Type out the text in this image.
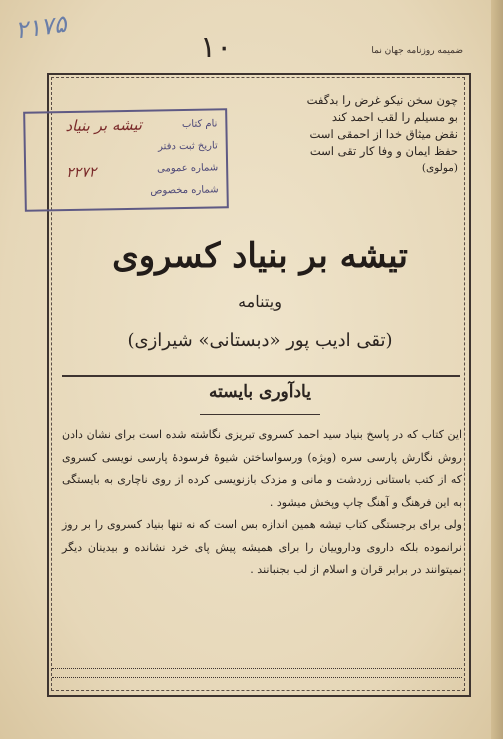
۲۱۷۵
۱۰	ضمیمه روزنامه جهان نما
چون سخن نیکو غرض را بدگفت
بو مسیلم را لقب احمد کند
نقض میثاق خدا از احمقی است
حفظ ایمان و وفا کار تقی است
(مولوی)
نام کتاب
تیشه بر بنیاد
تاریخ ثبت دفتر
شماره عمومی
۲۲۷۲
شماره مخصوص
تیشه بر بنیاد کسروی
ویتنامه
(تقی ادیب پور «دبستانی» شیرازی)
یادآوری بایسته

این کتاب که در پاسخ بنیاد سید احمد کسروی تبریزی نگاشته شده است برای نشان دادن روش نگارش پارسی سره (ویژه) ورسواساختن شیوهٔ فرسودهٔ پارسی نویسی کسروی که از کتب باستانی زردشت و مانی و مزدک بازنویسی کرده از روی ناچاری به بایستگی به این فرهنگ و آهنگ چاپ وپخش میشود .

ولی برای برجستگی کتاب تیشه همین اندازه بس است که نه تنها بنیاد کسروی را بر روز نرانموده بلکه داروی وداروییان را برای همیشه پیش پای خرد نشانده و بیدینان دیگر نمیتوانند در برابر قران و اسلام از لب بجنبانند .
